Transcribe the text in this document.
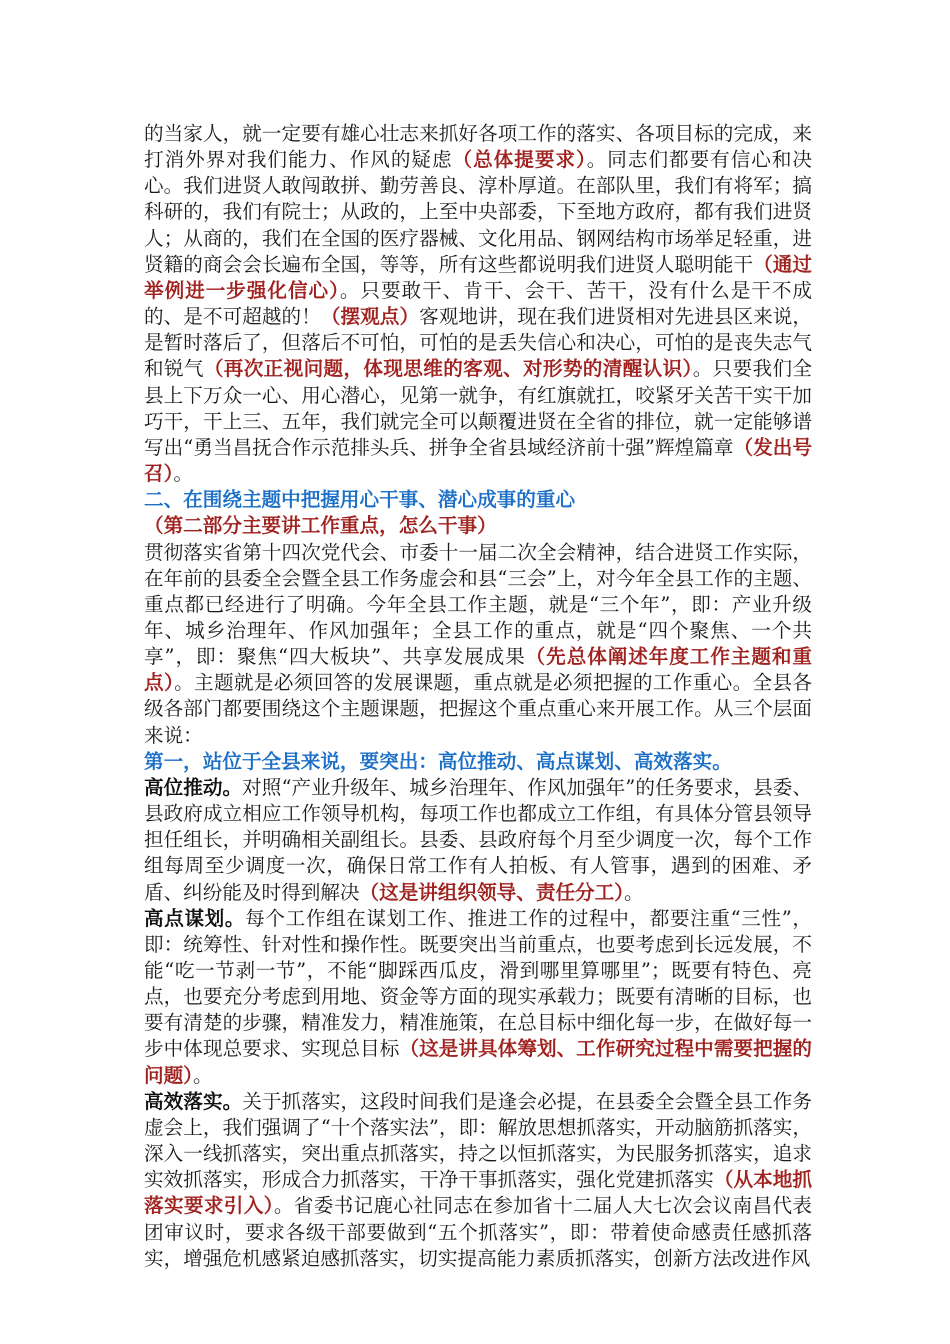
的当家人，就一定要有雄心壮志来抓好各项工作的落实、各项目标的完成，来打消外界对我们能力、作风的疑虑（总体提要求）。同志们都要有信心和决心。我们进贤人敢闯敢拼、勤劳善良、淳朴厚道。在部队里，我们有将军；搞科研的，我们有院士；从政的，上至中央部委，下至地方政府，都有我们进贤人；从商的，我们在全国的医疗器械、文化用品、钢网结构市场举足轻重，进贤籍的商会会长遍布全国，等等，所有这些都说明我们进贤人聪明能干（通过举例进一步强化信心）。只要敢干、肯干、会干、苦干，没有什么是干不成的、是不可超越的！（摆观点）客观地讲，现在我们进贤相对先进县区来说，是暂时落后了，但落后不可怕，可怕的是丢失信心和决心，可怕的是丧失志气和锐气（再次正视问题，体现思维的客观、对形势的清醒认识）。只要我们全县上下万众一心、用心潜心，见第一就争，有红旗就扛，咬紧牙关苦干实干加巧干，干上三、五年，我们就完全可以颠覆进贤在全省的排位，就一定能够谱写出“勇当昌抚合作示范排头兵、拼争全省县域经济前十强”辉煌篇章（发出号召）。

二、在围绕主题中把握用心干事、潜心成事的重心

（第二部分主要讲工作重点，怎么干事）

贯彻落实省第十四次党代会、市委十一届二次全会精神，结合进贤工作实际，在年前的县委全会暨全县工作务虚会和县“三会”上，对今年全县工作的主题、重点都已经进行了明确。今年全县工作主题，就是“三个年”，即：产业升级年、城乡治理年、作风加强年；全县工作的重点，就是“四个聚焦、一个共享”，即：聚焦“四大板块”、共享发展成果（先总体阐述年度工作主题和重点）。主题就是必须回答的发展课题，重点就是必须把握的工作重心。全县各级各部门都要围绕这个主题课题，把握这个重点重心来开展工作。从三个层面来说：

第一，站位于全县来说，要突出：高位推动、高点谋划、高效落实。

高位推动。对照“产业升级年、城乡治理年、作风加强年”的任务要求，县委、县政府成立相应工作领导机构，每项工作也都成立工作组，有具体分管县领导担任组长，并明确相关副组长。县委、县政府每个月至少调度一次，每个工作组每周至少调度一次，确保日常工作有人拍板、有人管事，遇到的困难、矛盾、纠纷能及时得到解决（这是讲组织领导、责任分工）。

高点谋划。每个工作组在谋划工作、推进工作的过程中，都要注重“三性”，即：统筹性、针对性和操作性。既要突出当前重点，也要考虑到长远发展，不能“吃一节剥一节”，不能“脚踩西瓜皮，滑到哪里算哪里”；既要有特色、亮点，也要充分考虑到用地、资金等方面的现实承载力；既要有清晰的目标，也要有清楚的步骤，精准发力，精准施策，在总目标中细化每一步，在做好每一步中体现总要求、实现总目标（这是讲具体筹划、工作研究过程中需要把握的问题）。

高效落实。关于抓落实，这段时间我们是逢会必提，在县委全会暨全县工作务虚会上，我们强调了“十个落实法”，即：解放思想抓落实，开动脑筋抓落实，深入一线抓落实，突出重点抓落实，持之以恒抓落实，为民服务抓落实，追求实效抓落实，形成合力抓落实，干净干事抓落实，强化党建抓落实（从本地抓落实要求引入）。省委书记鹿心社同志在参加省十二届人大七次会议南昌代表团审议时，要求各级干部要做到“五个抓落实”，即：带着使命感责任感抓落实，增强危机感紧迫感抓落实，切实提高能力素质抓落实，创新方法改进作风
